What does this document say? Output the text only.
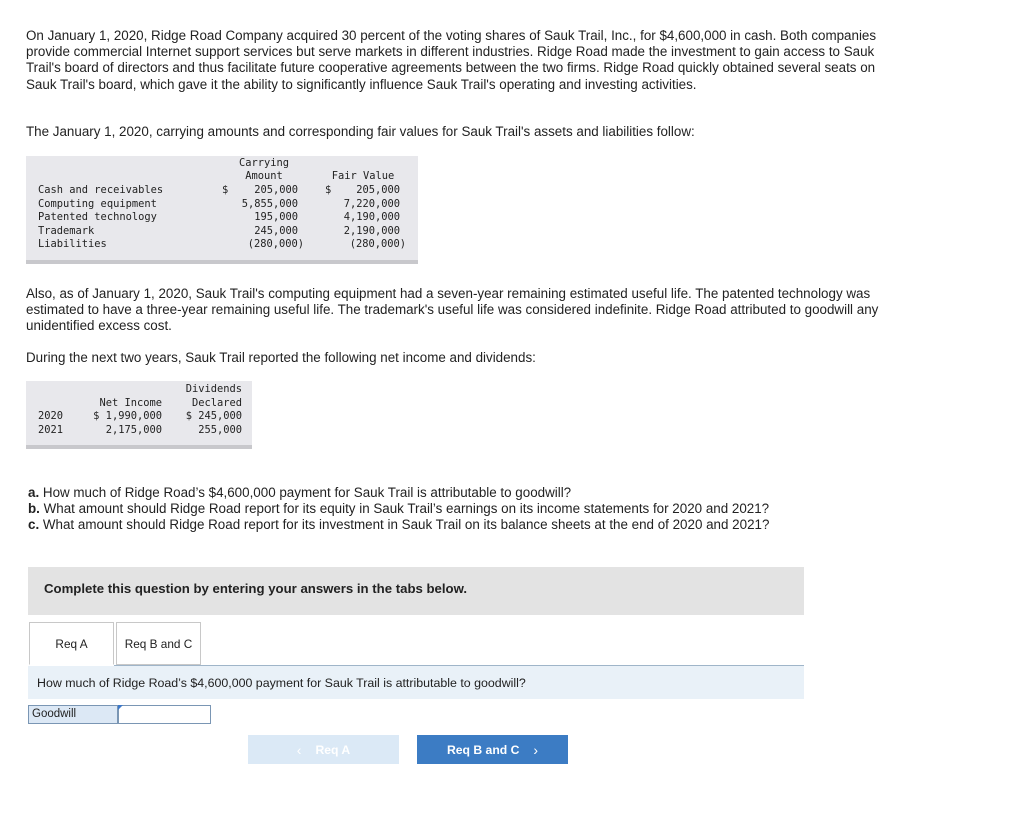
On January 1, 2020, Ridge Road Company acquired 30 percent of the voting shares of Sauk Trail, Inc., for $4,600,000 in cash. Both companies provide commercial Internet support services but serve markets in different industries. Ridge Road made the investment to gain access to Sauk Trail's board of directors and thus facilitate future cooperative agreements between the two firms. Ridge Road quickly obtained several seats on Sauk Trail's board, which gave it the ability to significantly influence Sauk Trail's operating and investing activities.

The January 1, 2020, carrying amounts and corresponding fair values for Sauk Trail's assets and liabilities follow:

Carrying
Amount	Fair Value
Cash and receivables	$	205,000	$	205,000
Computing equipment	5,855,000	7,220,000
Patented technology	195,000	4,190,000
Trademark	245,000	2,190,000
Liabilities	(280,000)	(280,000)

Also, as of January 1, 2020, Sauk Trail's computing equipment had a seven-year remaining estimated useful life. The patented technology was estimated to have a three-year remaining useful life. The trademark's useful life was considered indefinite. Ridge Road attributed to goodwill any unidentified excess cost.

During the next two years, Sauk Trail reported the following net income and dividends:

Dividends
Net Income	Declared
2020	$ 1,990,000	$ 245,000
2021	2,175,000	255,000
a. How much of Ridge Road’s $4,600,000 payment for Sauk Trail is attributable to goodwill?
b. What amount should Ridge Road report for its equity in Sauk Trail’s earnings on its income statements for 2020 and 2021?
c. What amount should Ridge Road report for its investment in Sauk Trail on its balance sheets at the end of 2020 and 2021?
Complete this question by entering your answers in the tabs below.
Req A	Req B and C
How much of Ridge Road’s $4,600,000 payment for Sauk Trail is attributable to goodwill?
Goodwill
‹ Req A	Req B and C ›
